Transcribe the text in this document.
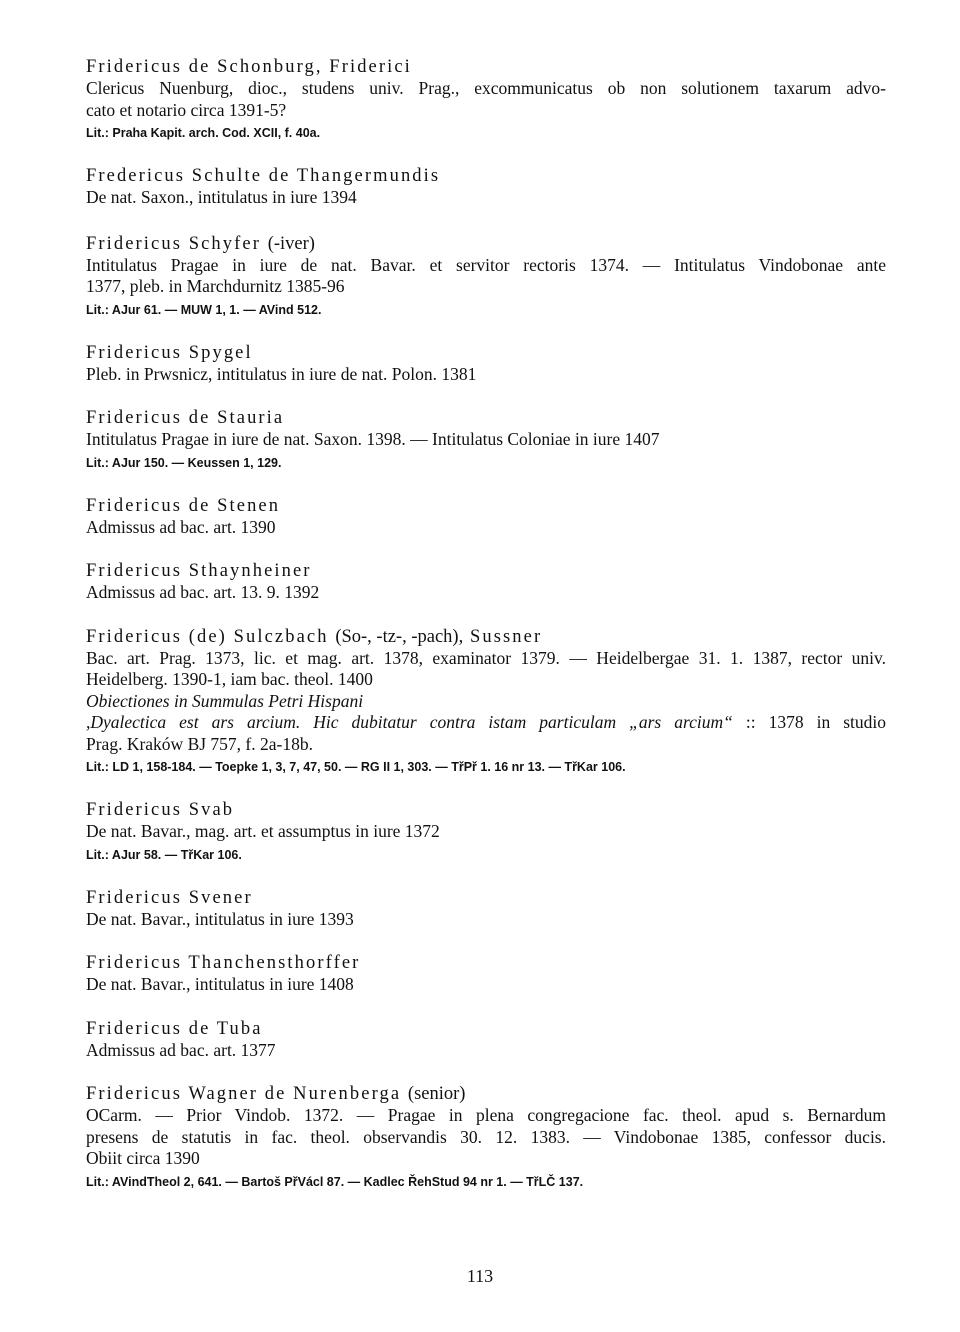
Fridericus de Schonburg, Friderici
Clericus Nuenburg, dioc., studens univ. Prag., excommunicatus ob non solutionem taxarum advo-
cato et notario circa 1391-5?
Lit.: Praha Kapit. arch. Cod. XCII, f. 40a.
Fredericus Schulte de Thangermundis
De nat. Saxon., intitulatus in iure 1394
Fridericus Schyfer (-iver)
Intitulatus Pragae in iure de nat. Bavar. et servitor rectoris 1374. — Intitulatus Vindobonae ante
1377, pleb. in Marchdurnitz 1385-96
Lit.: AJur 61. — MUW 1, 1. — AVind 512.
Fridericus Spygel
Pleb. in Prwsnicz, intitulatus in iure de nat. Polon. 1381
Fridericus de Stauria
Intitulatus Pragae in iure de nat. Saxon. 1398. — Intitulatus Coloniae in iure 1407
Lit.: AJur 150. — Keussen 1, 129.
Fridericus de Stenen
Admissus ad bac. art. 1390
Fridericus Sthaynheiner
Admissus ad bac. art. 13. 9. 1392
Fridericus (de) Sulczbach (So-, -tz-, -pach), Sussner
Bac. art. Prag. 1373, lic. et mag. art. 1378, examinator 1379. — Heidelbergae 31. 1. 1387, rector univ.
Heidelberg. 1390-1, iam bac. theol. 1400
Obiectiones in Summulas Petri Hispani
,Dyalectica est ars arcium. Hic dubitatur contra istam particulam „ars arcium“ :: 1378 in studio
Prag. Kraków BJ 757, f. 2a-18b.
Lit.: LD 1, 158-184. — Toepke 1, 3, 7, 47, 50. — RG II 1, 303. — TřPř 1. 16 nr 13. — TřKar 106.
Fridericus Svab
De nat. Bavar., mag. art. et assumptus in iure 1372
Lit.: AJur 58. — TřKar 106.
Fridericus Svener
De nat. Bavar., intitulatus in iure 1393
Fridericus Thanchensthorffer
De nat. Bavar., intitulatus in iure 1408
Fridericus de Tuba
Admissus ad bac. art. 1377
Fridericus Wagner de Nurenberga (senior)
OCarm. — Prior Vindob. 1372. — Pragae in plena congregacione fac. theol. apud s. Bernardum
presens de statutis in fac. theol. observandis 30. 12. 1383. — Vindobonae 1385, confessor ducis.
Obiit circa 1390
Lit.: AVindTheol 2, 641. — Bartoš PřVácl 87. — Kadlec ŘehStud 94 nr 1. — TřLČ 137.
113
